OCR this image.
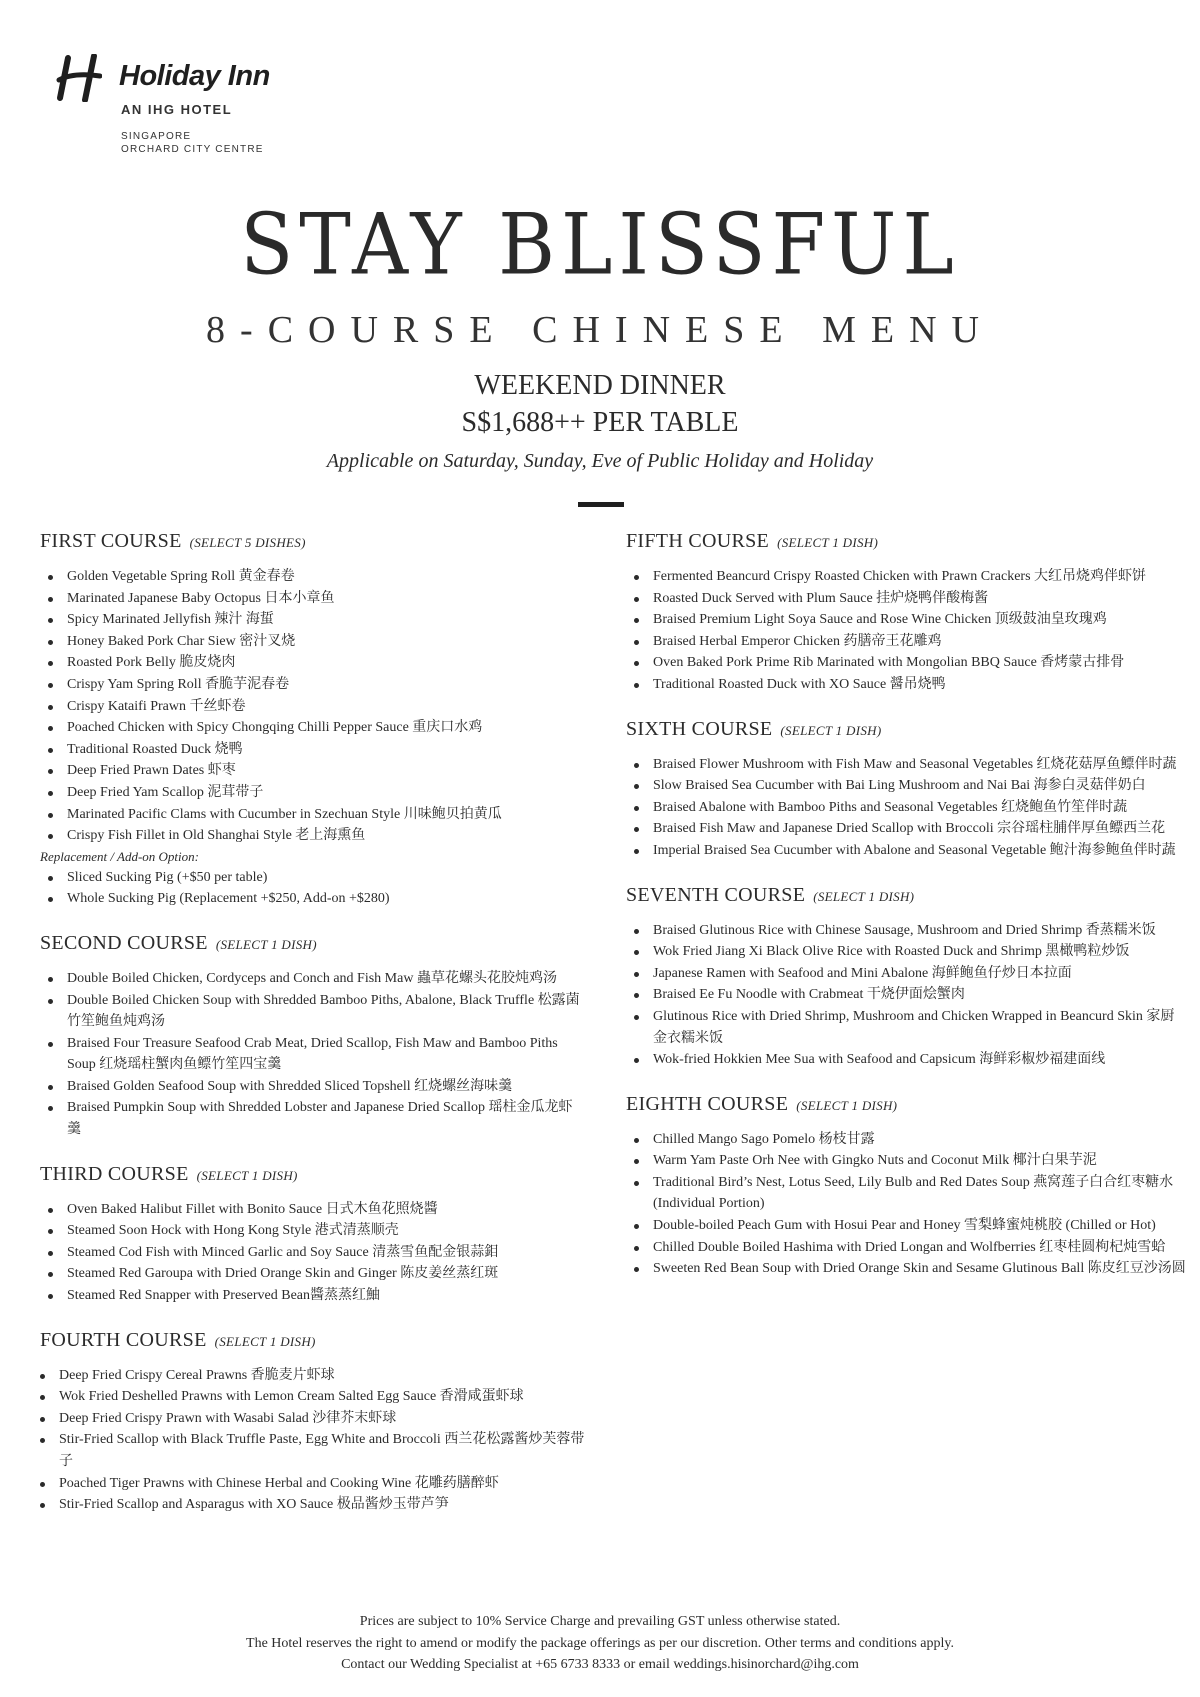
Holiday Inn
AN IHG HOTEL
SINGAPORE
ORCHARD CITY CENTRE
STAY BLISSFUL
8-COURSE CHINESE MENU
WEEKEND DINNER
S$1,688++ PER TABLE
Applicable on Saturday, Sunday, Eve of Public Holiday and Holiday
FIRST COURSE (SELECT 5 DISHES)
Golden Vegetable Spring Roll 黄金春卷
Marinated Japanese Baby Octopus 日本小章鱼
Spicy Marinated Jellyfish 辣汁 海蜇
Honey Baked Pork Char Siew 密汁叉烧
Roasted Pork Belly 脆皮烧肉
Crispy Yam Spring Roll 香脆芋泥春卷
Crispy Kataifi Prawn 千丝虾卷
Poached Chicken with Spicy Chongqing Chilli Pepper Sauce 重庆口水鸡
Traditional Roasted Duck 烧鸭
Deep Fried Prawn Dates 虾枣
Deep Fried Yam Scallop 泥茸带子
Marinated Pacific Clams with Cucumber in Szechuan Style 川味鲍贝拍黄瓜
Crispy Fish Fillet in Old Shanghai Style 老上海熏鱼
Replacement / Add-on Option:
Sliced Sucking Pig (+$50 per table)
Whole Sucking Pig (Replacement +$250, Add-on +$280)
SECOND COURSE (SELECT 1 DISH)
Double Boiled Chicken, Cordyceps and Conch and Fish Maw 蟲草花螺头花胶炖鸡汤
Double Boiled Chicken Soup with Shredded Bamboo Piths, Abalone, Black Truffle 松露菌竹笙鲍鱼炖鸡汤
Braised Four Treasure Seafood Crab Meat, Dried Scallop, Fish Maw and Bamboo Piths Soup 红烧瑶柱蟹肉鱼鳔竹笙四宝羹
Braised Golden Seafood Soup with Shredded Sliced Topshell 红烧螺丝海味羹
Braised Pumpkin Soup with Shredded Lobster and Japanese Dried Scallop 瑶柱金瓜龙虾羹
THIRD COURSE (SELECT 1 DISH)
Oven Baked Halibut Fillet with Bonito Sauce 日式木鱼花照烧醬
Steamed Soon Hock with Hong Kong Style 港式清蒸顺壳
Steamed Cod Fish with Minced Garlic and Soy Sauce 清蒸雪鱼配金银蒜鉬
Steamed Red Garoupa with Dried Orange Skin and Ginger 陈皮姜丝蒸红斑
Steamed Red Snapper with Preserved Bean醬蒸蒸红鮋
FOURTH COURSE (SELECT 1 DISH)
Deep Fried Crispy Cereal Prawns 香脆麦片虾球
Wok Fried Deshelled Prawns with Lemon Cream Salted Egg Sauce 香滑咸蛋虾球
Deep Fried Crispy Prawn with Wasabi Salad 沙律芥末虾球
Stir-Fried Scallop with Black Truffle Paste, Egg White and Broccoli 西兰花松露酱炒芙蓉带子
Poached Tiger Prawns with Chinese Herbal and Cooking Wine 花雕药膳醉虾
Stir-Fried Scallop and Asparagus with XO Sauce 极品酱炒玉带芦笋
FIFTH COURSE (SELECT 1 DISH)
Fermented Beancurd Crispy Roasted Chicken with Prawn Crackers 大红吊烧鸡伴虾饼
Roasted Duck Served with Plum Sauce 挂炉烧鸭伴酸梅酱
Braised Premium Light Soya Sauce and Rose Wine Chicken 顶级鼓油皇玫瑰鸡
Braised Herbal Emperor Chicken 药膳帝王花雕鸡
Oven Baked Pork Prime Rib Marinated with Mongolian BBQ Sauce 香烤蒙古排骨
Traditional Roasted Duck with XO Sauce 醤吊烧鸭
SIXTH COURSE (SELECT 1 DISH)
Braised Flower Mushroom with Fish Maw and Seasonal Vegetables 红烧花菇厚鱼鳔伴时蔬
Slow Braised Sea Cucumber with Bai Ling Mushroom and Nai Bai 海参白灵菇伴奶白
Braised Abalone with Bamboo Piths and Seasonal Vegetables 红烧鲍鱼竹笙伴时蔬
Braised Fish Maw and Japanese Dried Scallop with Broccoli 宗谷瑶柱脯伴厚鱼鳔西兰花
Imperial Braised Sea Cucumber with Abalone and Seasonal Vegetable 鲍汁海参鲍鱼伴时蔬
SEVENTH COURSE (SELECT 1 DISH)
Braised Glutinous Rice with Chinese Sausage, Mushroom and Dried Shrimp 香蒸糯米饭
Wok Fried Jiang Xi Black Olive Rice with Roasted Duck and Shrimp 黑橄鸭粒炒饭
Japanese Ramen with Seafood and Mini Abalone 海鲜鲍鱼仔炒日本拉面
Braised Ee Fu Noodle with Crabmeat 干烧伊面烩蟹肉
Glutinous Rice with Dried Shrimp, Mushroom and Chicken Wrapped in Beancurd Skin 家厨金衣糯米饭
Wok-fried Hokkien Mee Sua with Seafood and Capsicum 海鲜彩椒炒福建面线
EIGHTH COURSE (SELECT 1 DISH)
Chilled Mango Sago Pomelo 杨枝甘露
Warm Yam Paste Orh Nee with Gingko Nuts and Coconut Milk 椰汁白果芋泥
Traditional Bird’s Nest, Lotus Seed, Lily Bulb and Red Dates Soup 燕窝莲子白合红枣糖水 (Individual Portion)
Double-boiled Peach Gum with Hosui Pear and Honey 雪梨蜂蜜炖桃胶 (Chilled or Hot)
Chilled Double Boiled Hashima with Dried Longan and Wolfberries 红枣桂圆枸杞炖雪蛤
Sweeten Red Bean Soup with Dried Orange Skin and Sesame Glutinous Ball 陈皮红豆沙汤圆
Prices are subject to 10% Service Charge and prevailing GST unless otherwise stated.
The Hotel reserves the right to amend or modify the package offerings as per our discretion. Other terms and conditions apply.
Contact our Wedding Specialist at +65 6733 8333 or email weddings.hisinorchard@ihg.com
